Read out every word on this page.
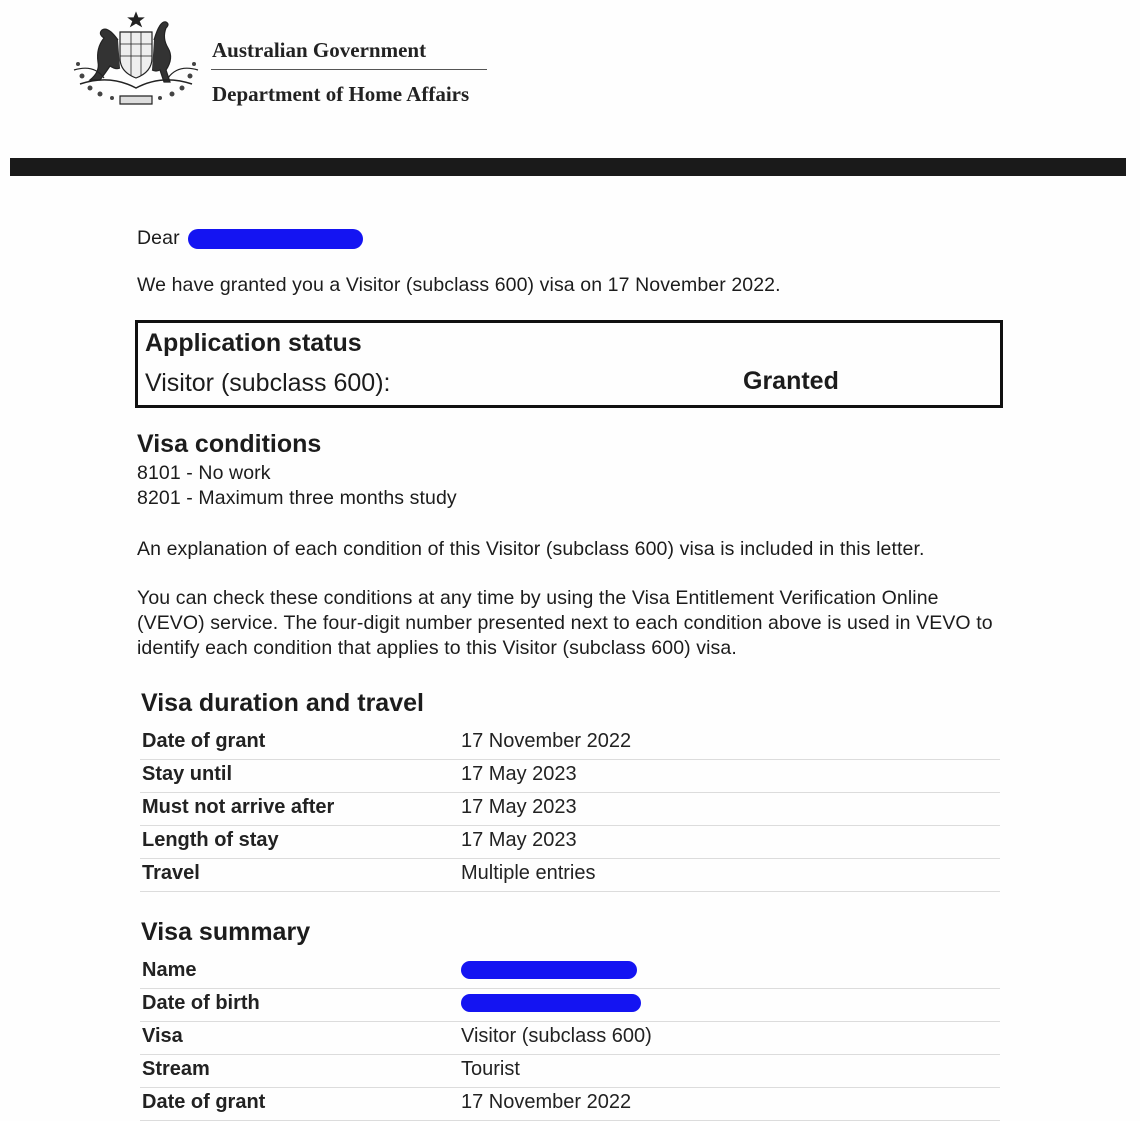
Australian Government
Department of Home Affairs
Dear
We have granted you a Visitor (subclass 600) visa on 17 November 2022.
Application status
Visitor (subclass 600):	Granted
Visa conditions
8101 - No work
8201 - Maximum three months study
An explanation of each condition of this Visitor (subclass 600) visa is included in this letter.
You can check these conditions at any time by using the Visa Entitlement Verification Online (VEVO) service. The four-digit number presented next to each condition above is used in VEVO to identify each condition that applies to this Visitor (subclass 600) visa.
Visa duration and travel
Date of grant	17 November 2022
Stay until	17 May 2023
Must not arrive after	17 May 2023
Length of stay	17 May 2023
Travel	Multiple entries
Visa summary
Name
Date of birth
Visa	Visitor (subclass 600)
Stream	Tourist
Date of grant	17 November 2022
